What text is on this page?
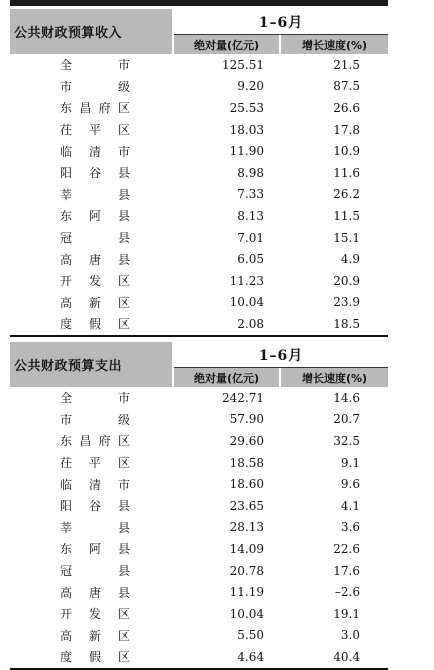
公共财政预算收入
1–6月
绝对量(亿元)	增长速度(%)
全 市	125.51	21.5
市 级	9.20	87.5
东昌府区	25.53	26.6
茌平区	18.03	17.8
临清市	11.90	10.9
阳谷县	8.98	11.6
莘 县	7.33	26.2
东阿县	8.13	11.5
冠 县	7.01	15.1
高唐县	6.05	4.9
开发区	11.23	20.9
高新区	10.04	23.9
度假区	2.08	18.5
公共财政预算支出
1–6月
绝对量(亿元)	增长速度(%)
全 市	242.71	14.6
市 级	57.90	20.7
东昌府区	29.60	32.5
茌平区	18.58	9.1
临清市	18.60	9.6
阳谷县	23.65	4.1
莘 县	28.13	3.6
东阿县	14.09	22.6
冠 县	20.78	17.6
高唐县	11.19	–2.6
开发区	10.04	19.1
高新区	5.50	3.0
度假区	4.64	40.4
